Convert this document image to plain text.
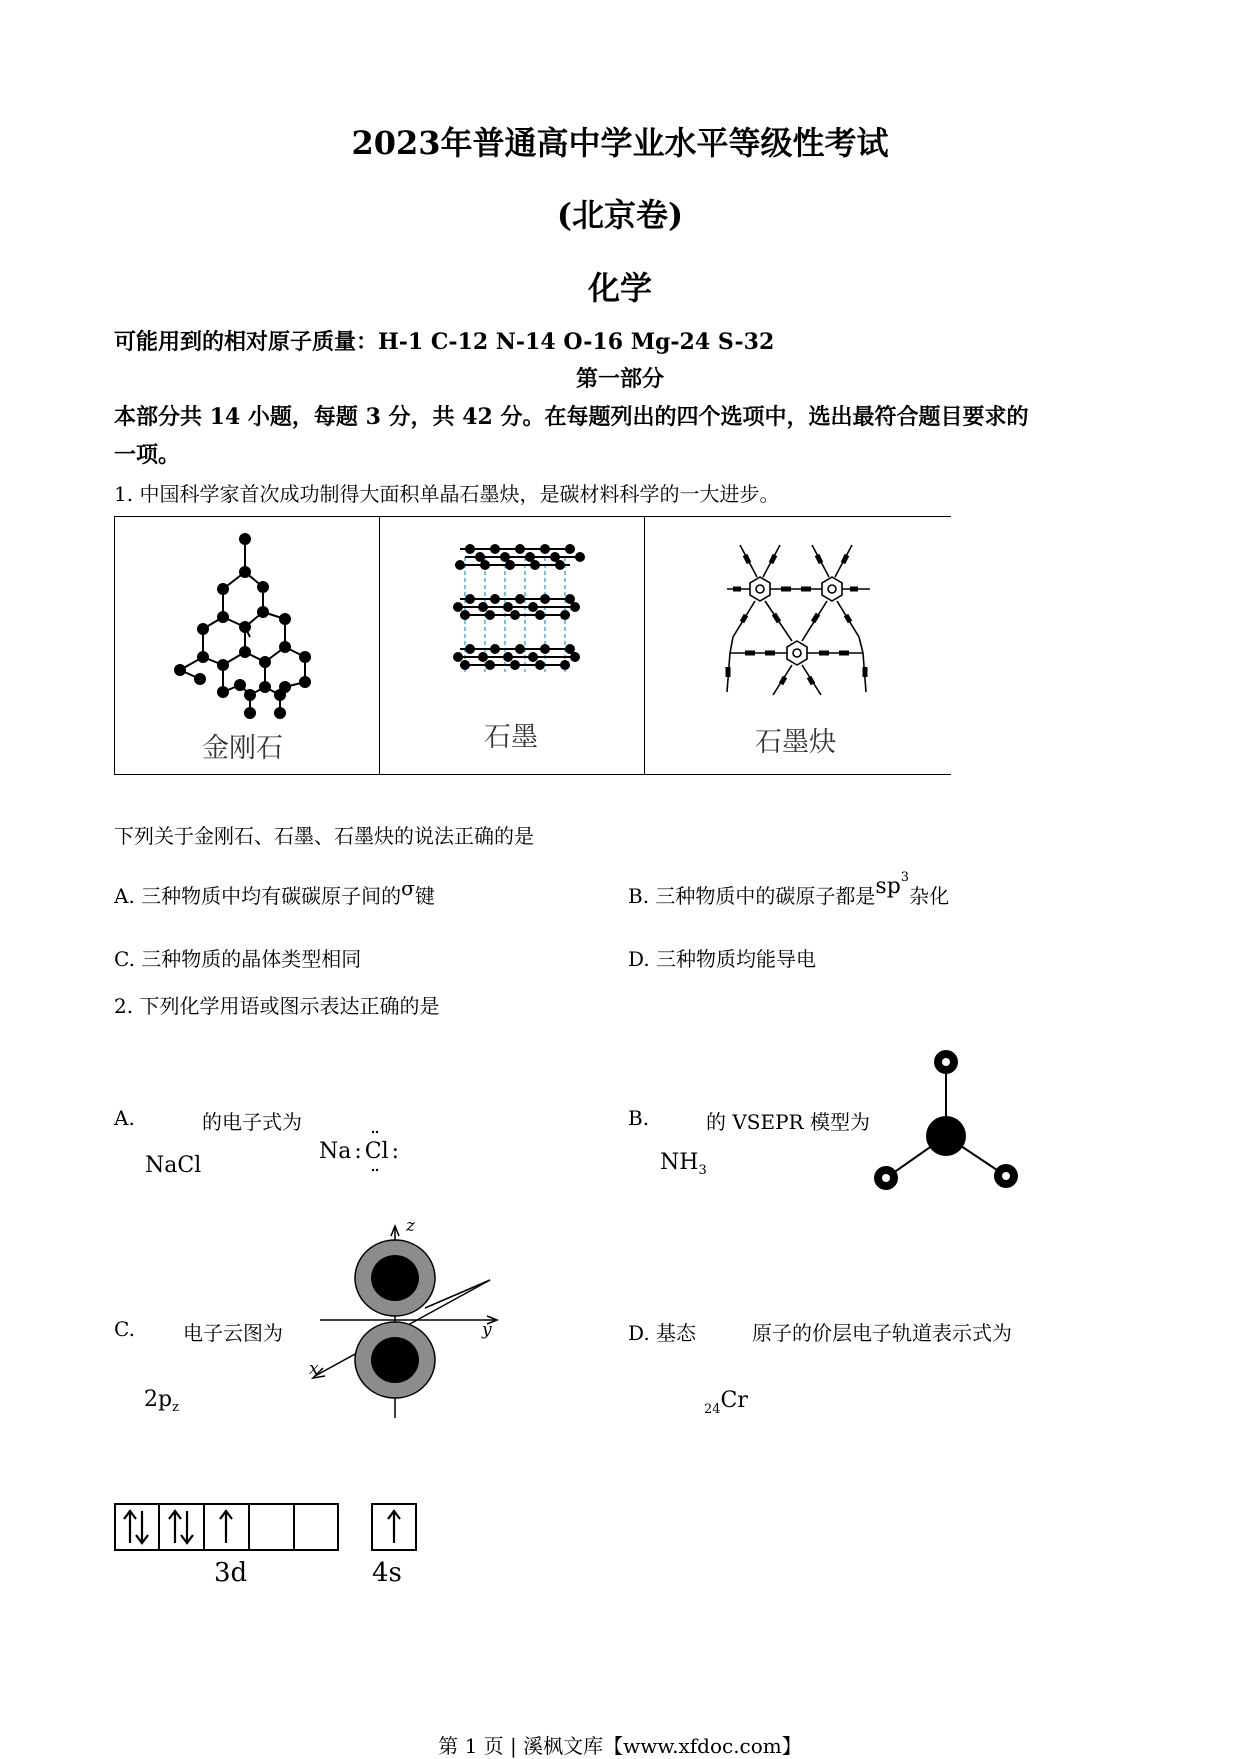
2023年普通高中学业水平等级性考试
(北京卷)
化学
可能用到的相对原子质量：H-1 C-12 N-14 O-16 Mg-24 S-32
第一部分
本部分共 14 小题，每题 3 分，共 42 分。在每题列出的四个选项中，选出最符合题目要求的
一项。
1. 中国科学家首次成功制得大面积单晶石墨炔，是碳材料科学的一大进步。
金刚石	石墨	石墨炔
下列关于金刚石、石墨、石墨炔的说法正确的是
A. 三种物质中均有碳碳原子间的σ键	B. 三种物质中的碳原子都是$sp^3$杂化
C. 三种物质的晶体类型相同	D. 三种物质均能导电
2. 下列化学用语或图示表达正确的是
A.	的电子式为
NaCl
Na : Cl :
B.	的 VSEPR 模型为
$NH_3$
C. 电子云图为
$2p_z$
z
y
x
D. 基态	原子的价层电子轨道表示式为
$_{24}$Cr
3d	4s
第 1 页 | 溪枫文库【www.xfdoc.com】
